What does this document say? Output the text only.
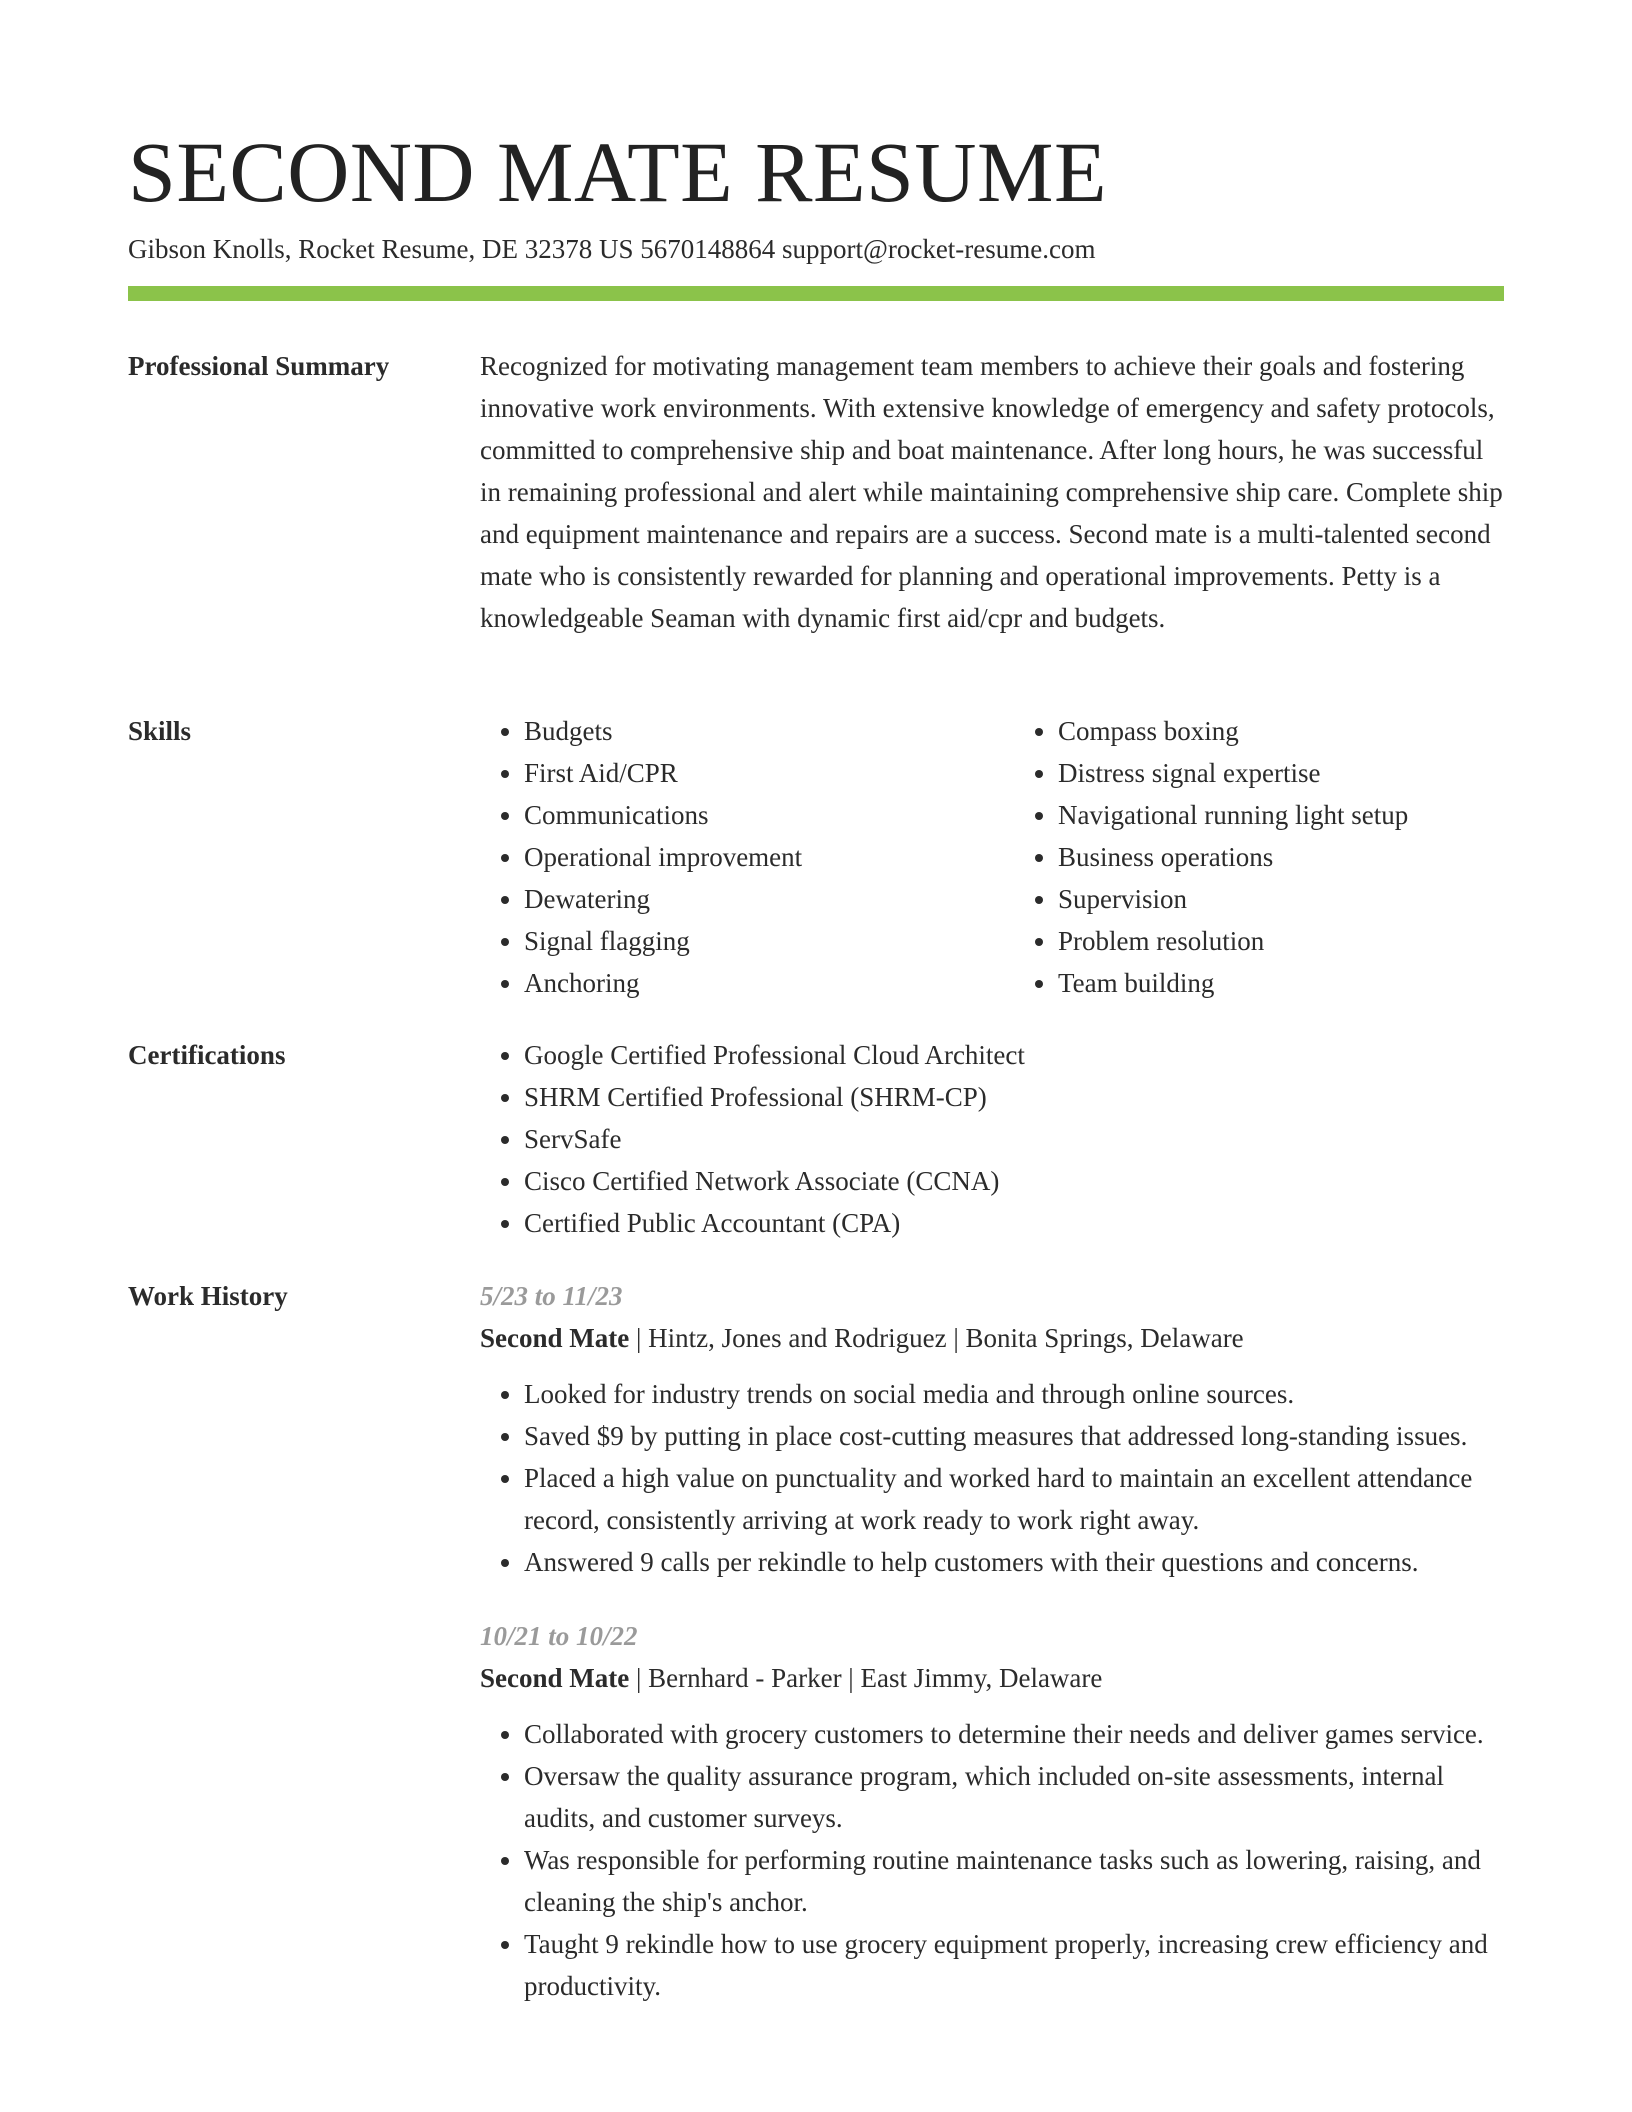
SECOND MATE RESUME
Gibson Knolls, Rocket Resume, DE 32378 US 5670148864 support@rocket-resume.com
Professional Summary	Recognized for motivating management team members to achieve their goals and fostering innovative work environments. With extensive knowledge of emergency and safety protocols, committed to comprehensive ship and boat maintenance. After long hours, he was successful in remaining professional and alert while maintaining comprehensive ship care. Complete ship and equipment maintenance and repairs are a success. Second mate is a multi-talented second mate who is consistently rewarded for planning and operational improvements. Petty is a knowledgeable Seaman with dynamic first aid/cpr and budgets.

Skills	• Budgets
• First Aid/CPR
• Communications
• Operational improvement
• Dewatering
• Signal flagging
• Anchoring
• Compass boxing
• Distress signal expertise
• Navigational running light setup
• Business operations
• Supervision
• Problem resolution
• Team building
Certifications	• Google Certified Professional Cloud Architect
• SHRM Certified Professional (SHRM-CP)
• ServSafe
• Cisco Certified Network Associate (CCNA)
• Certified Public Accountant (CPA)
Work History	5/23 to 11/23
Second Mate | Hintz, Jones and Rodriguez | Bonita Springs, Delaware
• Looked for industry trends on social media and through online sources.
• Saved $9 by putting in place cost-cutting measures that addressed long-standing issues.
• Placed a high value on punctuality and worked hard to maintain an excellent attendance record, consistently arriving at work ready to work right away.
• Answered 9 calls per rekindle to help customers with their questions and concerns.
10/21 to 10/22
Second Mate | Bernhard - Parker | East Jimmy, Delaware
• Collaborated with grocery customers to determine their needs and deliver games service.
• Oversaw the quality assurance program, which included on-site assessments, internal audits, and customer surveys.
• Was responsible for performing routine maintenance tasks such as lowering, raising, and cleaning the ship's anchor.
• Taught 9 rekindle how to use grocery equipment properly, increasing crew efficiency and productivity.
